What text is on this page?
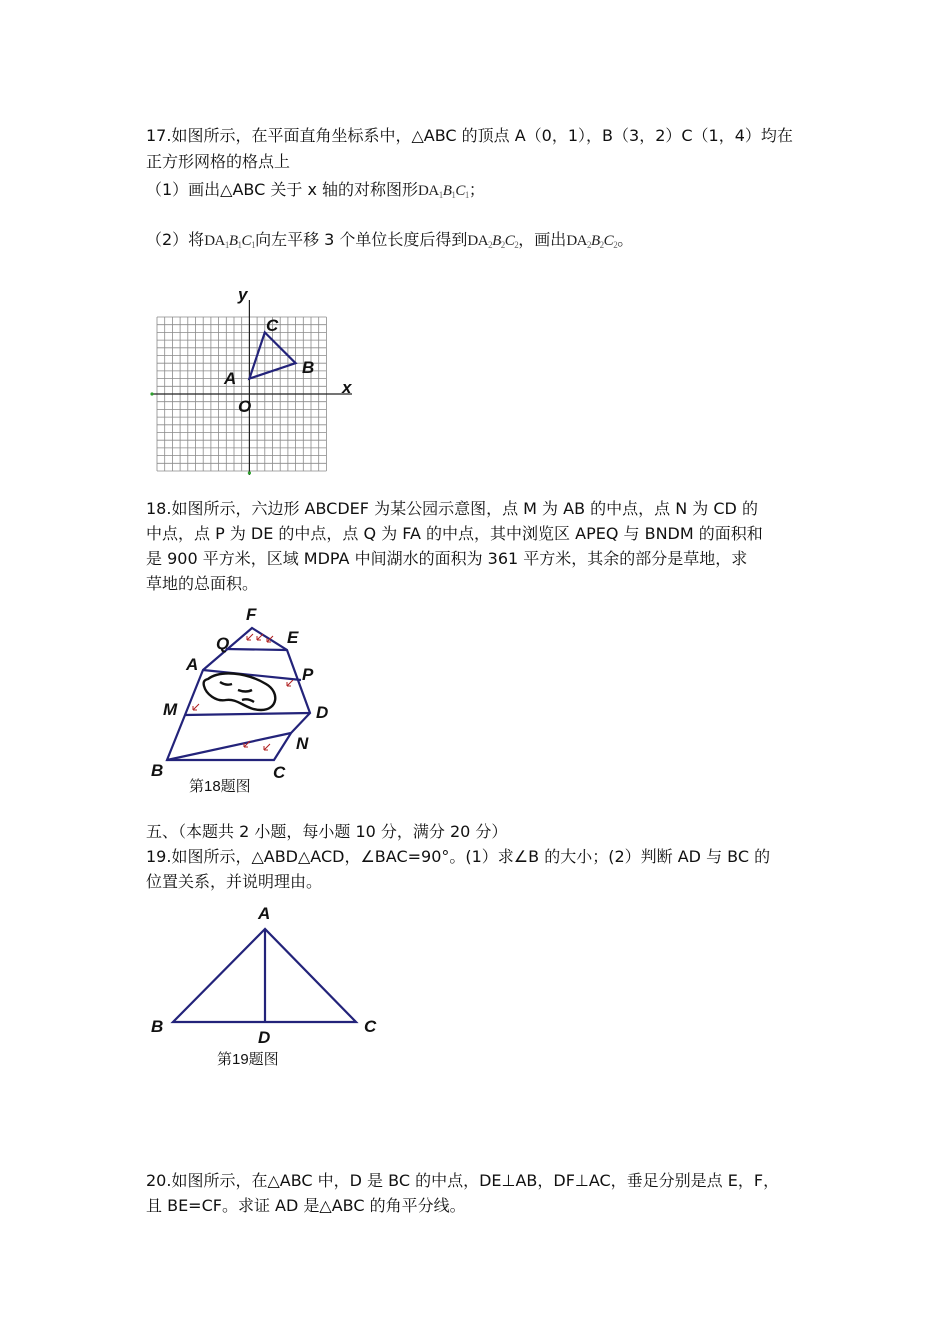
17.如图所示，在平面直角坐标系中，△ABC 的顶点 A（0，1），B（3，2）C（1，4）均在
正方形网格的格点上
（1）画出△ABC 关于 x 轴的对称图形$DA_1B_1C_1$；
（2）将$DA_1B_1C_1$向左平移 3 个单位长度后得到$DA_2B_2C_2$，画出$DA_2B_2C_2$。
y
x
O
A
B
C
18.如图所示，六边形 ABCDEF 为某公园示意图，点 M 为 AB 的中点，点 N 为 CD 的
中点，点 P 为 DE 的中点，点 Q 为 FA 的中点，其中浏览区 APEQ 与 BNDM 的面积和
是 900 平方米，区域 MDPA 中间湖水的面积为 361 平方米，其余的部分是草地，求
草地的总面积。
F
Q	E
A
P
M	D
N
B	C
第18题图
五、（本题共 2 小题，每小题 10 分，满分 20 分）
19.如图所示，△ABD△ACD，∠BAC=90°。(1）求∠B 的大小；(2）判断 AD 与 BC 的
位置关系，并说明理由。
A
B	C
D
第19题图
20.如图所示，在△ABC 中，D 是 BC 的中点，DE⊥AB，DF⊥AC，垂足分别是点 E，F，
且 BE=CF。求证 AD 是△ABC 的角平分线。
